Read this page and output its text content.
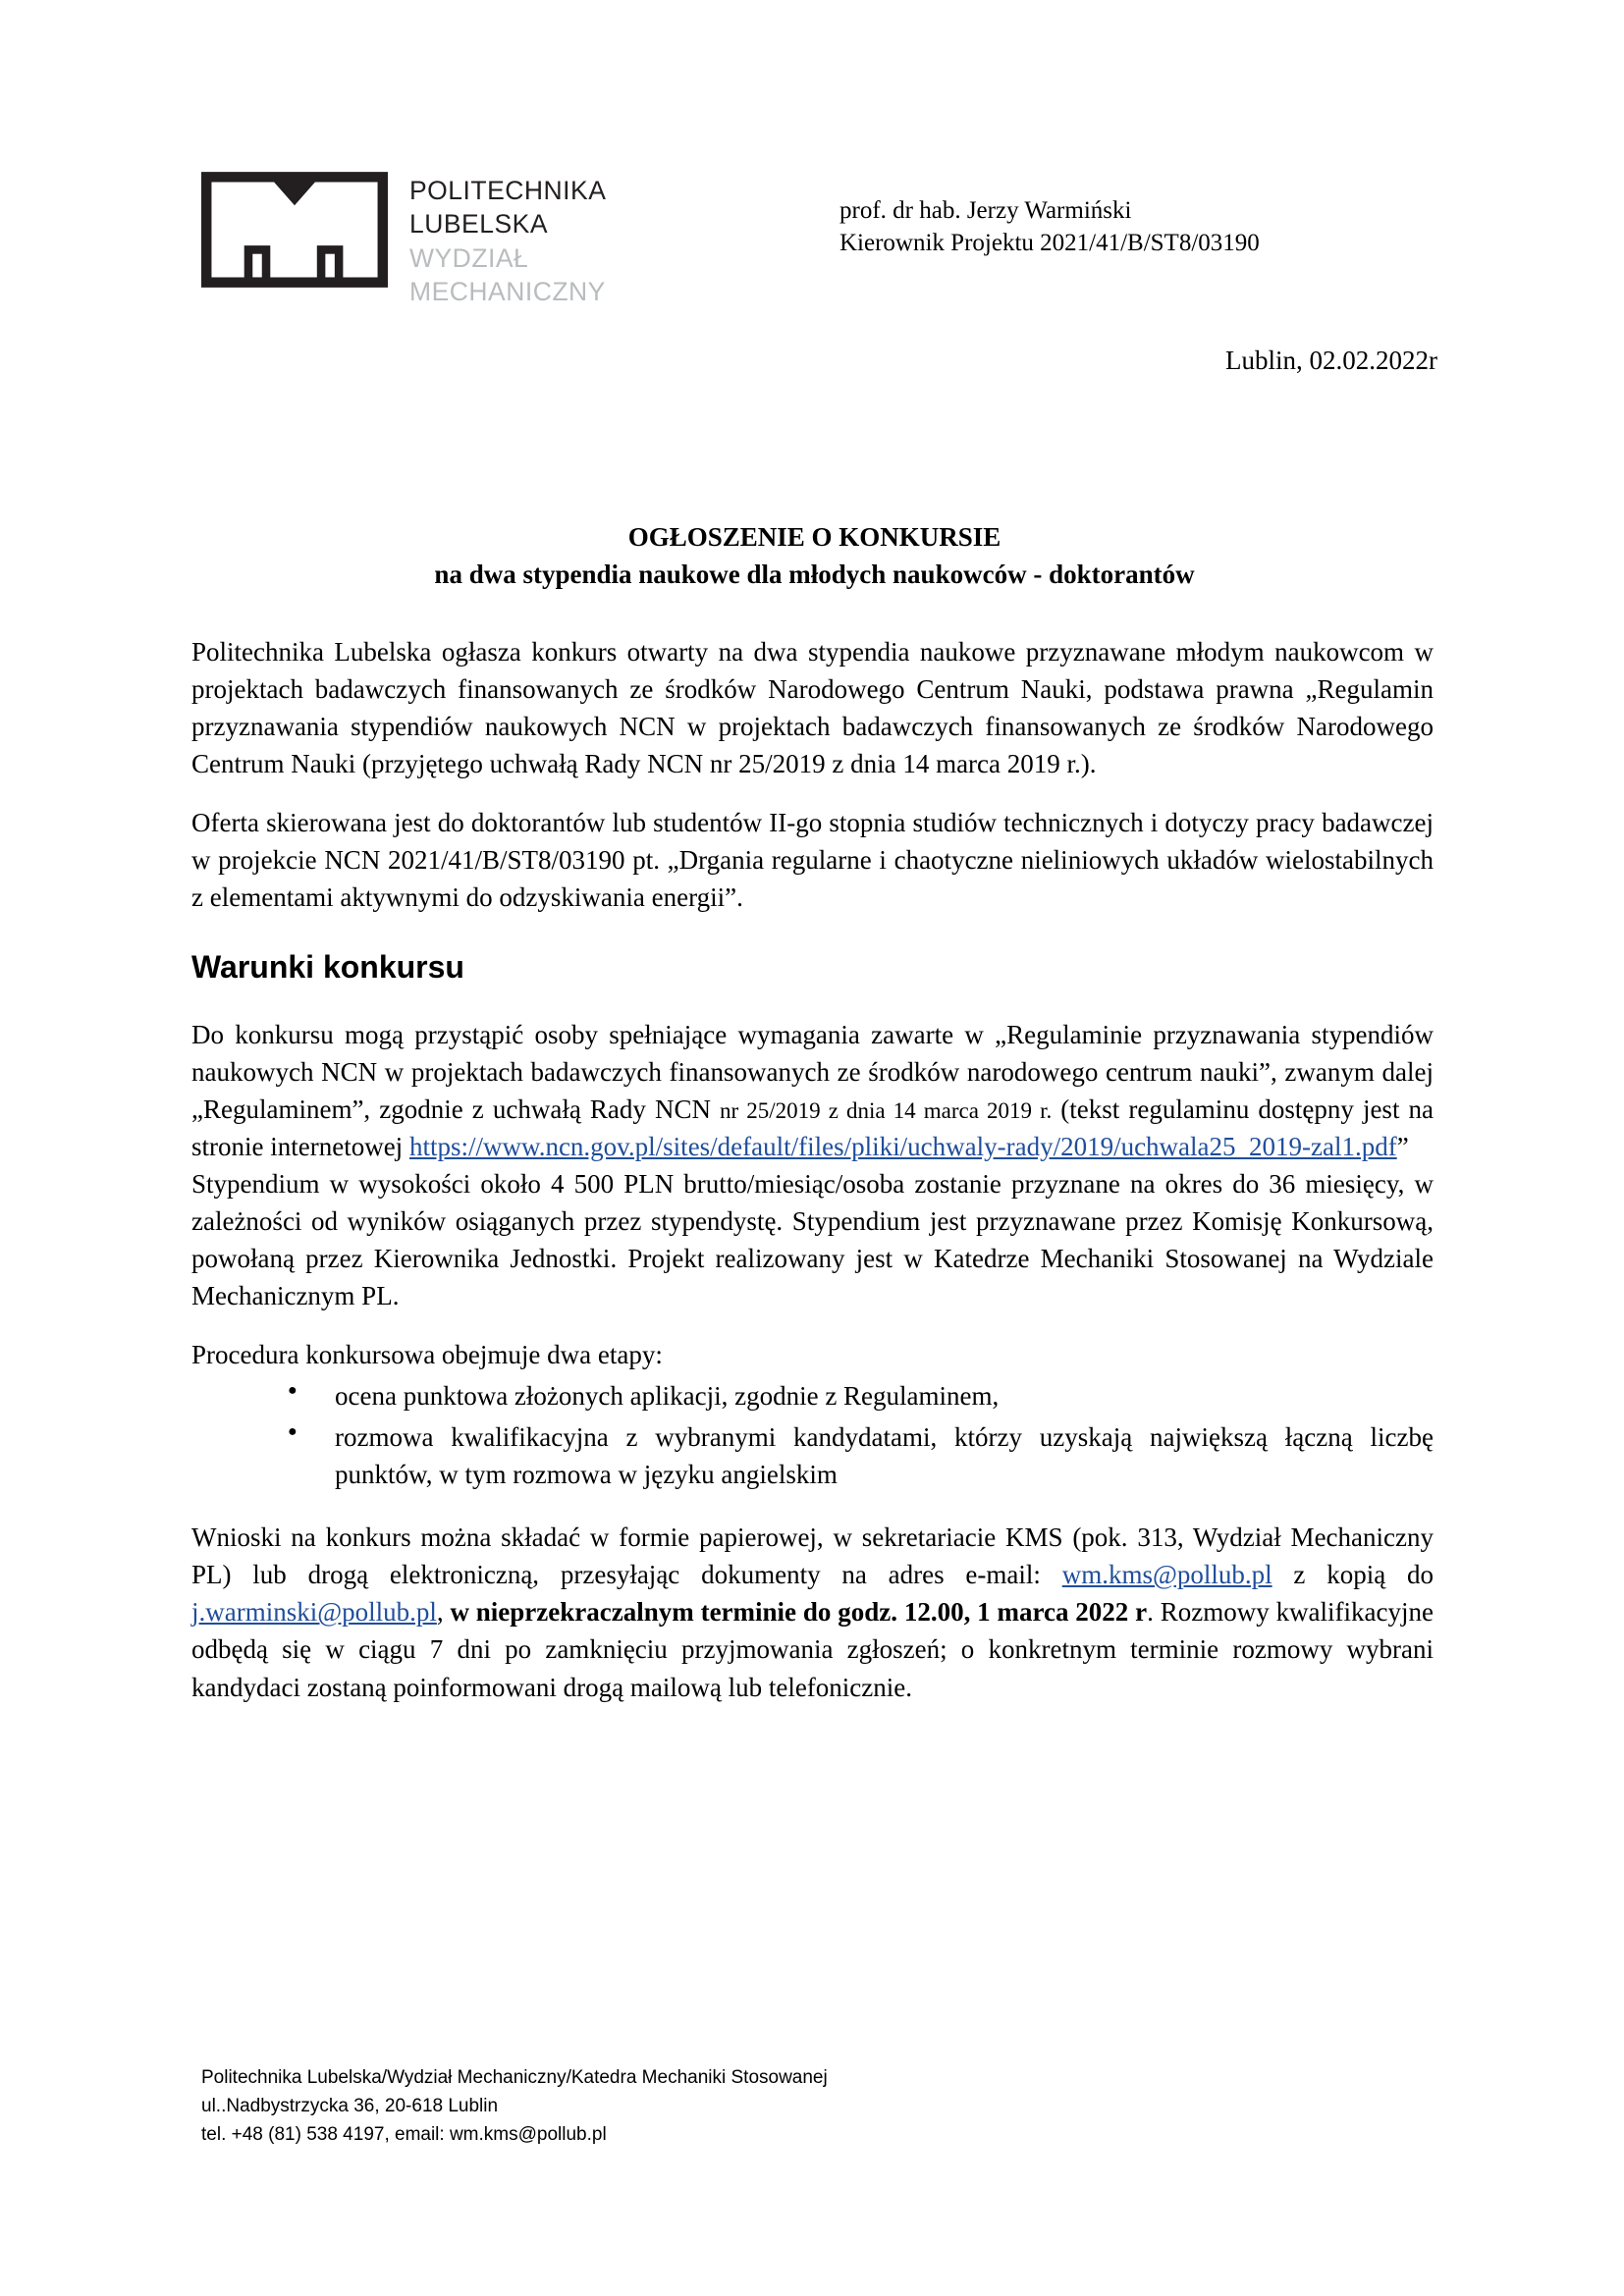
POLITECHNIKA
LUBELSKA
WYDZIAŁ
MECHANICZNY
prof. dr hab. Jerzy Warmiński
Kierownik Projektu 2021/41/B/ST8/03190
Lublin, 02.02.2022r
OGŁOSZENIE O KONKURSIE
na dwa stypendia naukowe dla młodych naukowców - doktorantów

Politechnika Lubelska ogłasza konkurs otwarty na dwa stypendia naukowe przyznawane młodym naukowcom w projektach badawczych finansowanych ze środków Narodowego Centrum Nauki, podstawa prawna „Regulamin przyznawania stypendiów naukowych NCN w projektach badawczych finansowanych ze środków Narodowego Centrum Nauki (przyjętego uchwałą Rady NCN nr 25/2019 z dnia 14 marca 2019 r.).

Oferta skierowana jest do doktorantów lub studentów II-go stopnia studiów technicznych i dotyczy pracy badawczej w projekcie NCN 2021/41/B/ST8/03190 pt. „Drgania regularne i chaotyczne nieliniowych układów wielostabilnych z elementami aktywnymi do odzyskiwania energii”.

Warunki konkursu

Do konkursu mogą przystąpić osoby spełniające wymagania zawarte w „Regulaminie przyznawania stypendiów naukowych NCN w projektach badawczych finansowanych ze środków narodowego centrum nauki”, zwanym dalej „Regulaminem”, zgodnie z uchwałą Rady NCN nr 25/2019 z dnia 14 marca 2019 r. (tekst regulaminu dostępny jest na stronie internetowej https://www.ncn.gov.pl/sites/default/files/pliki/uchwaly-rady/2019/uchwala25_2019-zal1.pdf”

Stypendium w wysokości około 4 500 PLN brutto/miesiąc/osoba zostanie przyznane na okres do 36 miesięcy, w zależności od wyników osiąganych przez stypendystę. Stypendium jest przyznawane przez Komisję Konkursową, powołaną przez Kierownika Jednostki. Projekt realizowany jest w Katedrze Mechaniki Stosowanej na Wydziale Mechanicznym PL.

Procedura konkursowa obejmuje dwa etapy:

● ocena punktowa złożonych aplikacji, zgodnie z Regulaminem,
● rozmowa kwalifikacyjna z wybranymi kandydatami, którzy uzyskają największą łączną liczbę punktów, w tym rozmowa w języku angielskim

Wnioski na konkurs można składać w formie papierowej, w sekretariacie KMS (pok. 313, Wydział Mechaniczny PL) lub drogą elektroniczną, przesyłając dokumenty na adres e-mail: wm.kms@pollub.pl z kopią do j.warminski@pollub.pl, w nieprzekraczalnym terminie do godz. 12.00, 1 marca 2022 r. Rozmowy kwalifikacyjne odbędą się w ciągu 7 dni po zamknięciu przyjmowania zgłoszeń; o konkretnym terminie rozmowy wybrani kandydaci zostaną poinformowani drogą mailową lub telefonicznie.

Politechnika Lubelska/Wydział Mechaniczny/Katedra Mechaniki Stosowanej
ul..Nadbystrzycka 36, 20-618 Lublin
tel. +48 (81) 538 4197, email: wm.kms@pollub.pl
